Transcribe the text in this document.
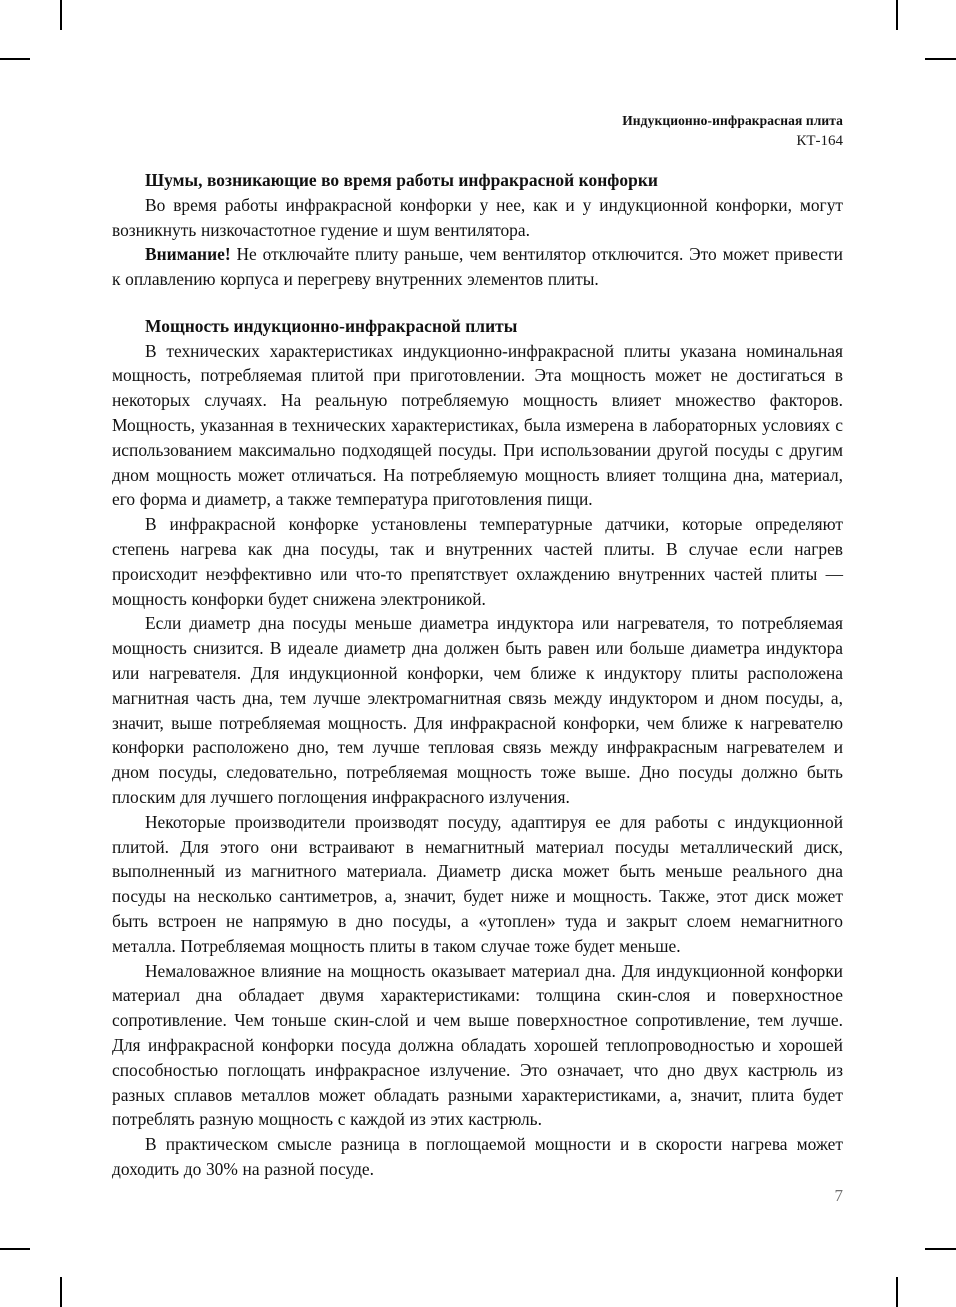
Индукционно-инфракрасная плита
КТ-164
Шумы, возникающие во время работы инфракрасной конфорки

Во время работы инфракрасной конфорки у нее, как и у индукционной конфорки, могут возникнуть низкочастотное гудение и шум вентилятора.

Внимание! Не отключайте плиту раньше, чем вентилятор отключится. Это может привести к оплавлению корпуса и перегреву внутренних элементов плиты.

Мощность индукционно-инфракрасной плиты

В технических характеристиках индукционно-инфракрасной плиты указана номинальная мощность, потребляемая плитой при приготовлении. Эта мощность может не достигаться в некоторых случаях. На реальную потребляемую мощность влияет множество факторов. Мощность, указанная в технических характеристиках, была измерена в лабораторных условиях с использованием максимально подходящей посуды. При использовании другой посуды с другим дном мощность может отличаться. На потребляемую мощность влияет толщина дна, материал, его форма и диаметр, а также температура приготовления пищи.

В инфракрасной конфорке установлены температурные датчики, которые определяют степень нагрева как дна посуды, так и внутренних частей плиты. В случае если нагрев происходит неэффективно или что-то препятствует охлаждению внутренних частей плиты — мощность конфорки будет снижена электроникой.

Если диаметр дна посуды меньше диаметра индуктора или нагревателя, то потребляемая мощность снизится. В идеале диаметр дна должен быть равен или больше диаметра индуктора или нагревателя. Для индукционной конфорки, чем ближе к индуктору плиты расположена магнитная часть дна, тем лучше электромагнитная связь между индуктором и дном посуды, а, значит, выше потребляемая мощность. Для инфракрасной конфорки, чем ближе к нагревателю конфорки расположено дно, тем лучше тепловая связь между инфракрасным нагревателем и дном посуды, следовательно, потребляемая мощность тоже выше. Дно посуды должно быть плоским для лучшего поглощения инфракрасного излучения.

Некоторые производители производят посуду, адаптируя ее для работы с индукционной плитой. Для этого они встраивают в немагнитный материал посуды металлический диск, выполненный из магнитного материала. Диаметр диска может быть меньше реального дна посуды на несколько сантиметров, а, значит, будет ниже и мощность. Также, этот диск может быть встроен не напрямую в дно посуды, а «утоплен» туда и закрыт слоем немагнитного металла. Потребляемая мощность плиты в таком случае тоже будет меньше.

Немаловажное влияние на мощность оказывает материал дна. Для индукционной конфорки материал дна обладает двумя характеристиками: толщина скин-слоя и поверхностное сопротивление. Чем тоньше скин-слой и чем выше поверхностное сопротивление, тем лучше. Для инфракрасной конфорки посуда должна обладать хорошей теплопроводностью и хорошей способностью поглощать инфракрасное излучение. Это означает, что дно двух кастрюль из разных сплавов металлов может обладать разными характеристиками, а, значит, плита будет потреблять разную мощность с каждой из этих кастрюль.

В практическом смысле разница в поглощаемой мощности и в скорости нагрева может доходить до 30% на разной посуде.

7
